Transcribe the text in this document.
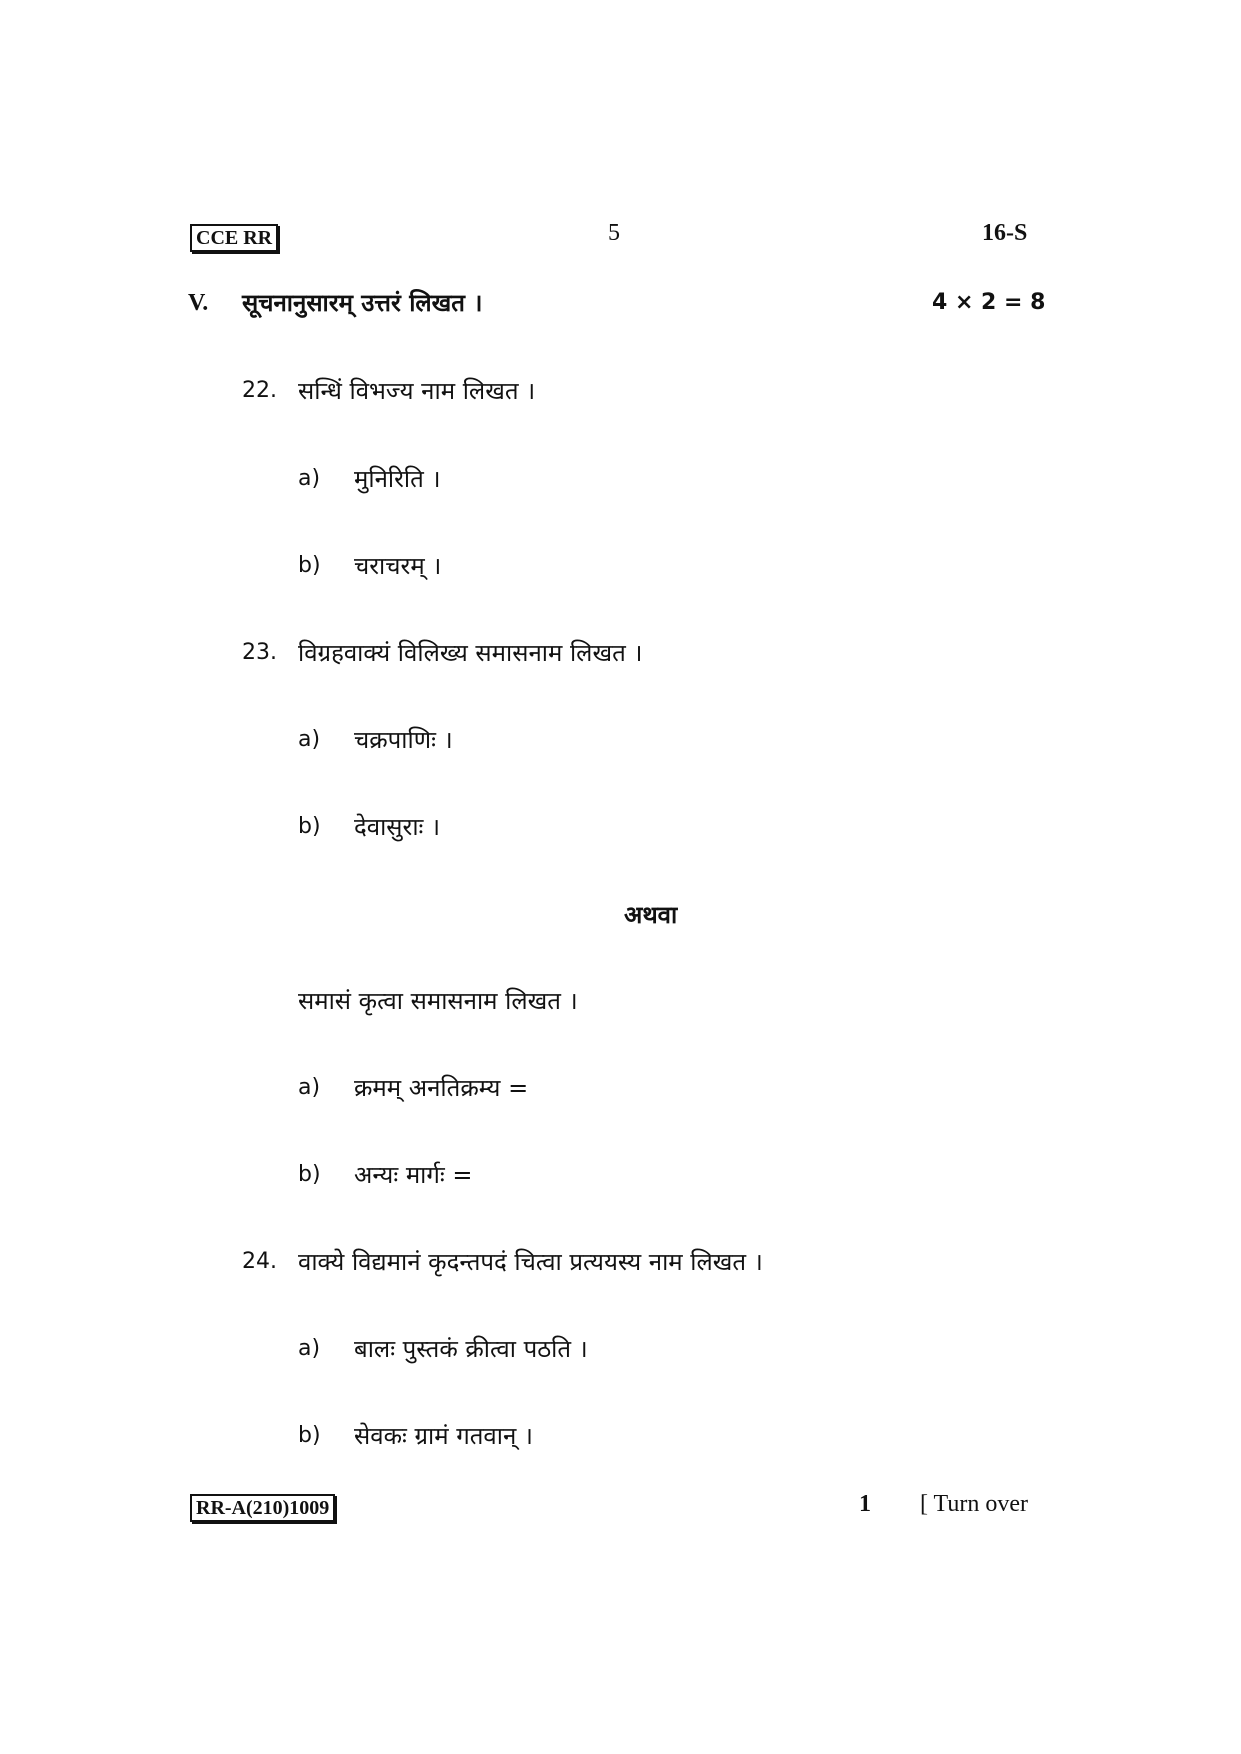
CCE RR	5	16-S
V. सूचनानुसारम् उत्तरं लिखत ।	4 × 2 = 8
22. सन्धिं विभज्य नाम लिखत ।
a) मुनिरिति ।
b) चराचरम् ।
23. विग्रहवाक्यं विलिख्य समासनाम लिखत ।
a) चक्रपाणिः ।
b) देवासुराः ।
अथवा
समासं कृत्वा समासनाम लिखत ।
a) क्रमम् अनतिक्रम्य =
b) अन्यः मार्गः =
24. वाक्ये विद्यमानं कृदन्तपदं चित्वा प्रत्ययस्य नाम लिखत ।
a) बालः पुस्तकं क्रीत्वा पठति ।
b) सेवकः ग्रामं गतवान् ।
RR-A(210)1009	1 [ Turn over
